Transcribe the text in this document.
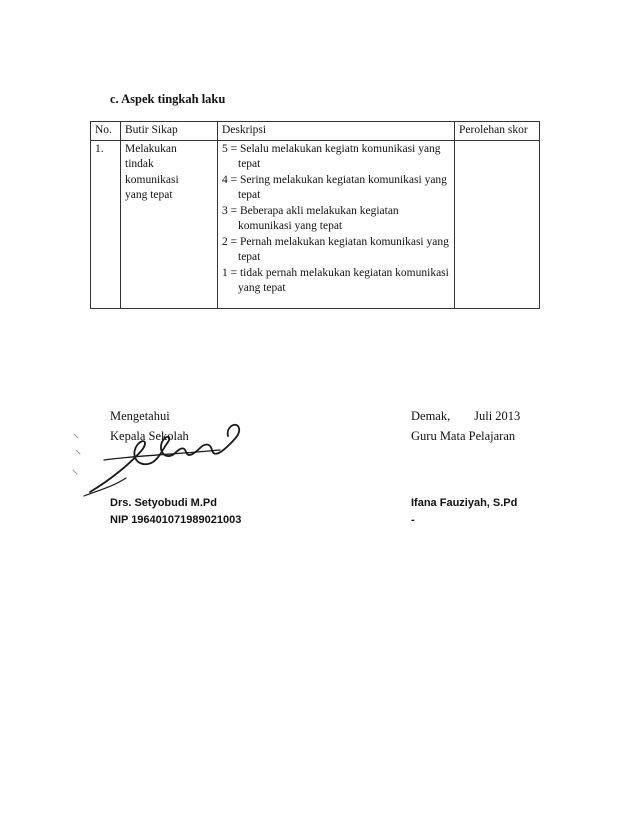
c. Aspek tingkah laku
No.	Butir Sikap	Deskripsi	Perolehan skor
1.	Melakukan tindak komunikasi yang tepat	5 = Selalu melakukan kegiatn komunikasi yang tepat
4 = Sering melakukan kegiatan komunikasi yang tepat
3 = Beberapa akli melakukan kegiatan komunikasi yang tepat
2 = Pernah melakukan kegiatan komunikasi yang tepat
1 = tidak pernah melakukan kegiatan komunikasi yang tepat	

Mengetahui
Kepala Sekolah
Demak, Juli 2013
Guru Mata Pelajaran
Drs. Setyobudi M.Pd
NIP 196401071989021003
Ifana Fauziyah, S.Pd
-
